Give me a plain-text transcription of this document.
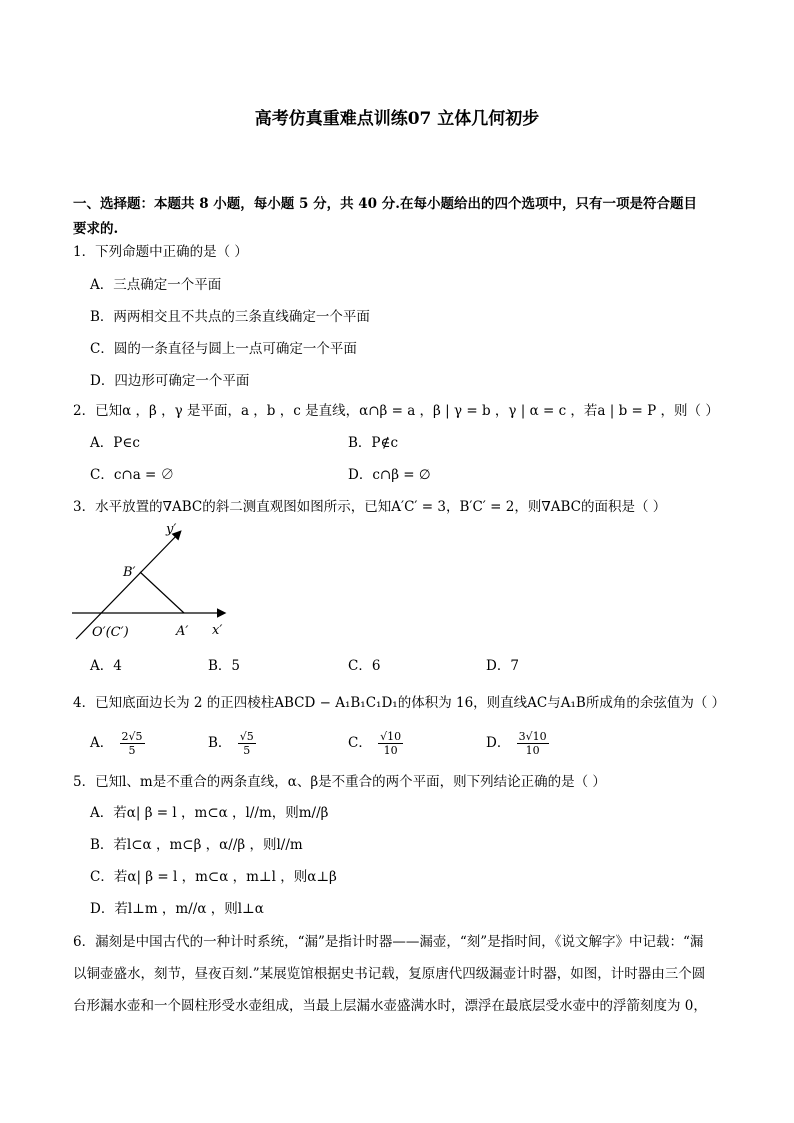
高考仿真重难点训练07 立体几何初步
一、选择题：本题共 8 小题，每小题 5 分，共 40 分.在每小题给出的四个选项中，只有一项是符合题目
要求的.
1．下列命题中正确的是（ ）
A．三点确定一个平面
B．两两相交且不共点的三条直线确定一个平面
C．圆的一条直径与圆上一点可确定一个平面
D．四边形可确定一个平面
2．已知α ，β ，γ 是平面，a ，b ，c 是直线，α∩β = a ，β | γ = b ，γ | α = c ，若a | b = P ，则（ ）
A．P∈c	B．P∉c
C．c∩a = ∅	D．c∩β = ∅
3．水平放置的∇ABC的斜二测直观图如图所示，已知A′C′ = 3，B′C′ = 2，则∇ABC的面积是（ ）
y′
x′
B′
A′
O′(C′)
A．4	B．5	C．6	D．7
4．已知底面边长为 2 的正四棱柱ABCD − A₁B₁C₁D₁的体积为 16，则直线AC与A₁B所成角的余弦值为（ ）
A． $\frac{2√5}{5}$	B． $\frac{√5}{5}$	C． $\frac{√10}{10}$	D． $\frac{3√10}{10}$
5．已知l、m是不重合的两条直线，α、β是不重合的两个平面，则下列结论正确的是（ ）
A．若α| β = l ，m⊂α ，l//m，则m//β
B．若l⊂α ，m⊂β ，α//β ，则l//m
C．若α| β = l ，m⊂α ，m⊥l ，则α⊥β
D．若l⊥m ，m//α ，则l⊥α
6．漏刻是中国古代的一种计时系统，“漏”是指计时器——漏壶，“刻”是指时间，《说文解字》中记载：“漏
以铜壶盛水，刻节，昼夜百刻.”某展览馆根据史书记载，复原唐代四级漏壶计时器，如图，计时器由三个圆
台形漏水壶和一个圆柱形受水壶组成，当最上层漏水壶盛满水时，漂浮在最底层受水壶中的浮箭刻度为 0，
